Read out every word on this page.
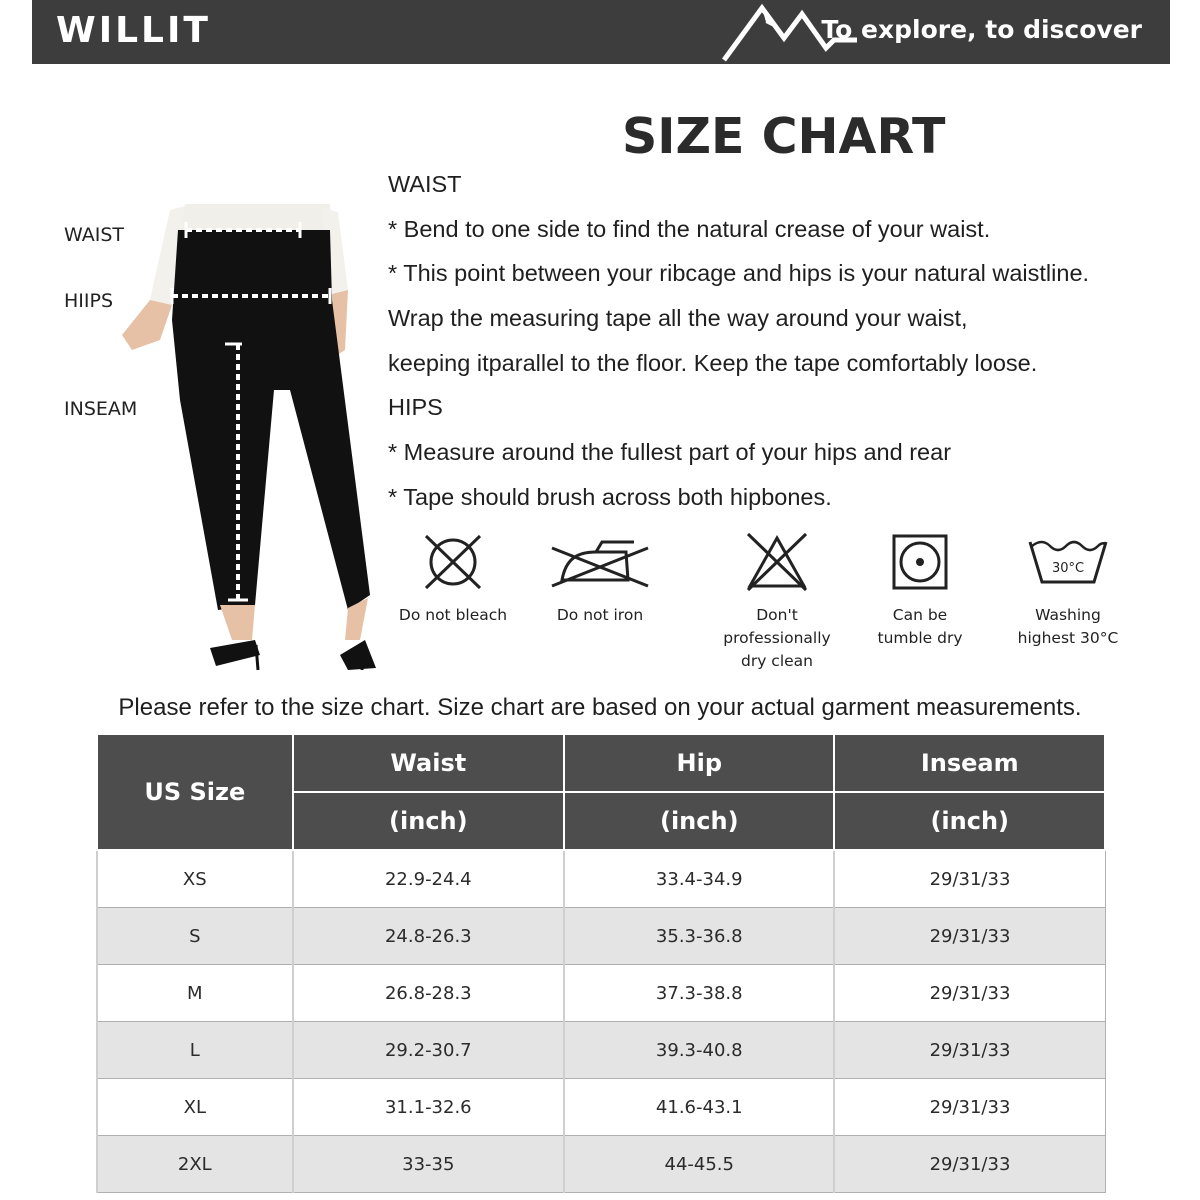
WILLIT	To explore, to discover
SIZE CHART
WAIST
HIIPS
INSEAM
WAIST
* Bend to one side to find the natural crease of your waist.
* This point between your ribcage and hips is your natural waistline.
Wrap the measuring tape all the way around your waist,
keeping itparallel to the floor. Keep the tape comfortably loose.
HIPS
* Measure around the fullest part of your hips and rear
* Tape should brush across both hipbones.
Do not bleach	Do not iron	Don't professionally
dry clean
Can be
tumble dry
30°C
Washing
highest 30°C
Please refer to the size chart. Size chart are based on your actual garment measurements.
US Size	Waist	Hip	Inseam
	(inch)	(inch)	(inch)
XS	22.9-24.4	33.4-34.9	29/31/33
S	24.8-26.3	35.3-36.8	29/31/33
M	26.8-28.3	37.3-38.8	29/31/33
L	29.2-30.7	39.3-40.8	29/31/33
XL	31.1-32.6	41.6-43.1	29/31/33
2XL	33-35	44-45.5	29/31/33
